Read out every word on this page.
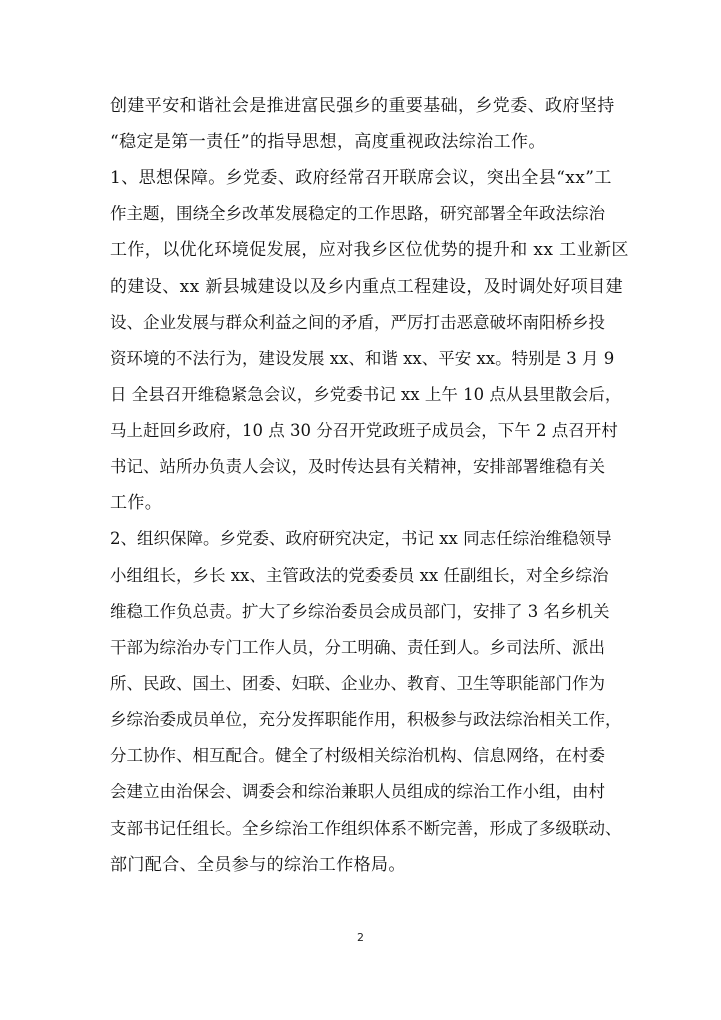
创建平安和谐社会是推进富民强乡的重要基础，乡党委、政府坚持
“稳定是第一责任”的指导思想，高度重视政法综治工作。
1、思想保障。乡党委、政府经常召开联席会议，突出全县“xx”工
作主题，围绕全乡改革发展稳定的工作思路，研究部署全年政法综治
工作，以优化环境促发展，应对我乡区位优势的提升和 xx 工业新区
的建设、xx 新县城建设以及乡内重点工程建设，及时调处好项目建
设、企业发展与群众利益之间的矛盾，严厉打击恶意破坏南阳桥乡投
资环境的不法行为，建设发展 xx、和谐 xx、平安 xx。特别是 3 月 9
日 全县召开维稳紧急会议，乡党委书记 xx 上午 10 点从县里散会后，
马上赶回乡政府，10 点 30 分召开党政班子成员会，下午 2 点召开村
书记、站所办负责人会议，及时传达县有关精神，安排部署维稳有关
工作。
2、组织保障。乡党委、政府研究决定，书记 xx 同志任综治维稳领导
小组组长，乡长 xx、主管政法的党委委员 xx 任副组长，对全乡综治
维稳工作负总责。扩大了乡综治委员会成员部门，安排了 3 名乡机关
干部为综治办专门工作人员，分工明确、责任到人。乡司法所、派出
所、民政、国土、团委、妇联、企业办、教育、卫生等职能部门作为
乡综治委成员单位，充分发挥职能作用，积极参与政法综治相关工作，
分工协作、相互配合。健全了村级相关综治机构、信息网络，在村委
会建立由治保会、调委会和综治兼职人员组成的综治工作小组，由村
支部书记任组长。全乡综治工作组织体系不断完善，形成了多级联动、
部门配合、全员参与的综治工作格局。
2
